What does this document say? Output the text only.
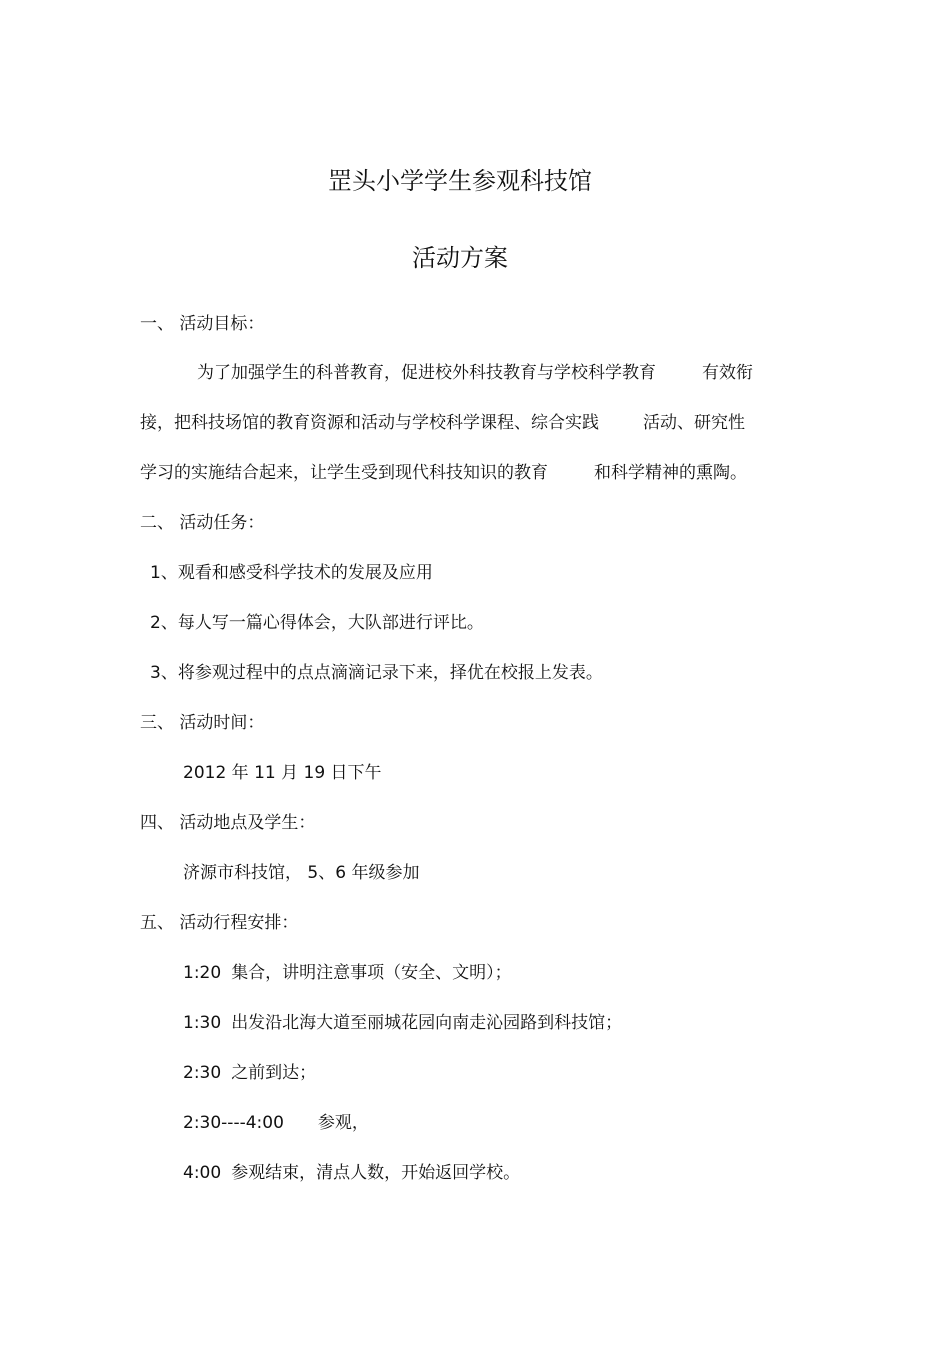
罡头小学学生参观科技馆
活动方案
一、 活动目标：
为了加强学生的科普教育，促进校外科技教育与学校科学教育	有效衔
接，把科技场馆的教育资源和活动与学校科学课程、综合实践	活动、研究性
学习的实施结合起来，让学生受到现代科技知识的教育	和科学精神的熏陶。
二、 活动任务：
1、观看和感受科学技术的发展及应用
2、每人写一篇心得体会，大队部进行评比。
3、将参观过程中的点点滴滴记录下来，择优在校报上发表。
三、 活动时间：
2012 年 11 月 19 日下午
四、 活动地点及学生：
济源市科技馆， 5、6 年级参加
五、 活动行程安排：
1:20 集合，讲明注意事项（安全、文明）；
1:30 出发沿北海大道至丽城花园向南走沁园路到科技馆；
2:30 之前到达；
2:30----4:00 参观，
4:00 参观结束，清点人数，开始返回学校。
